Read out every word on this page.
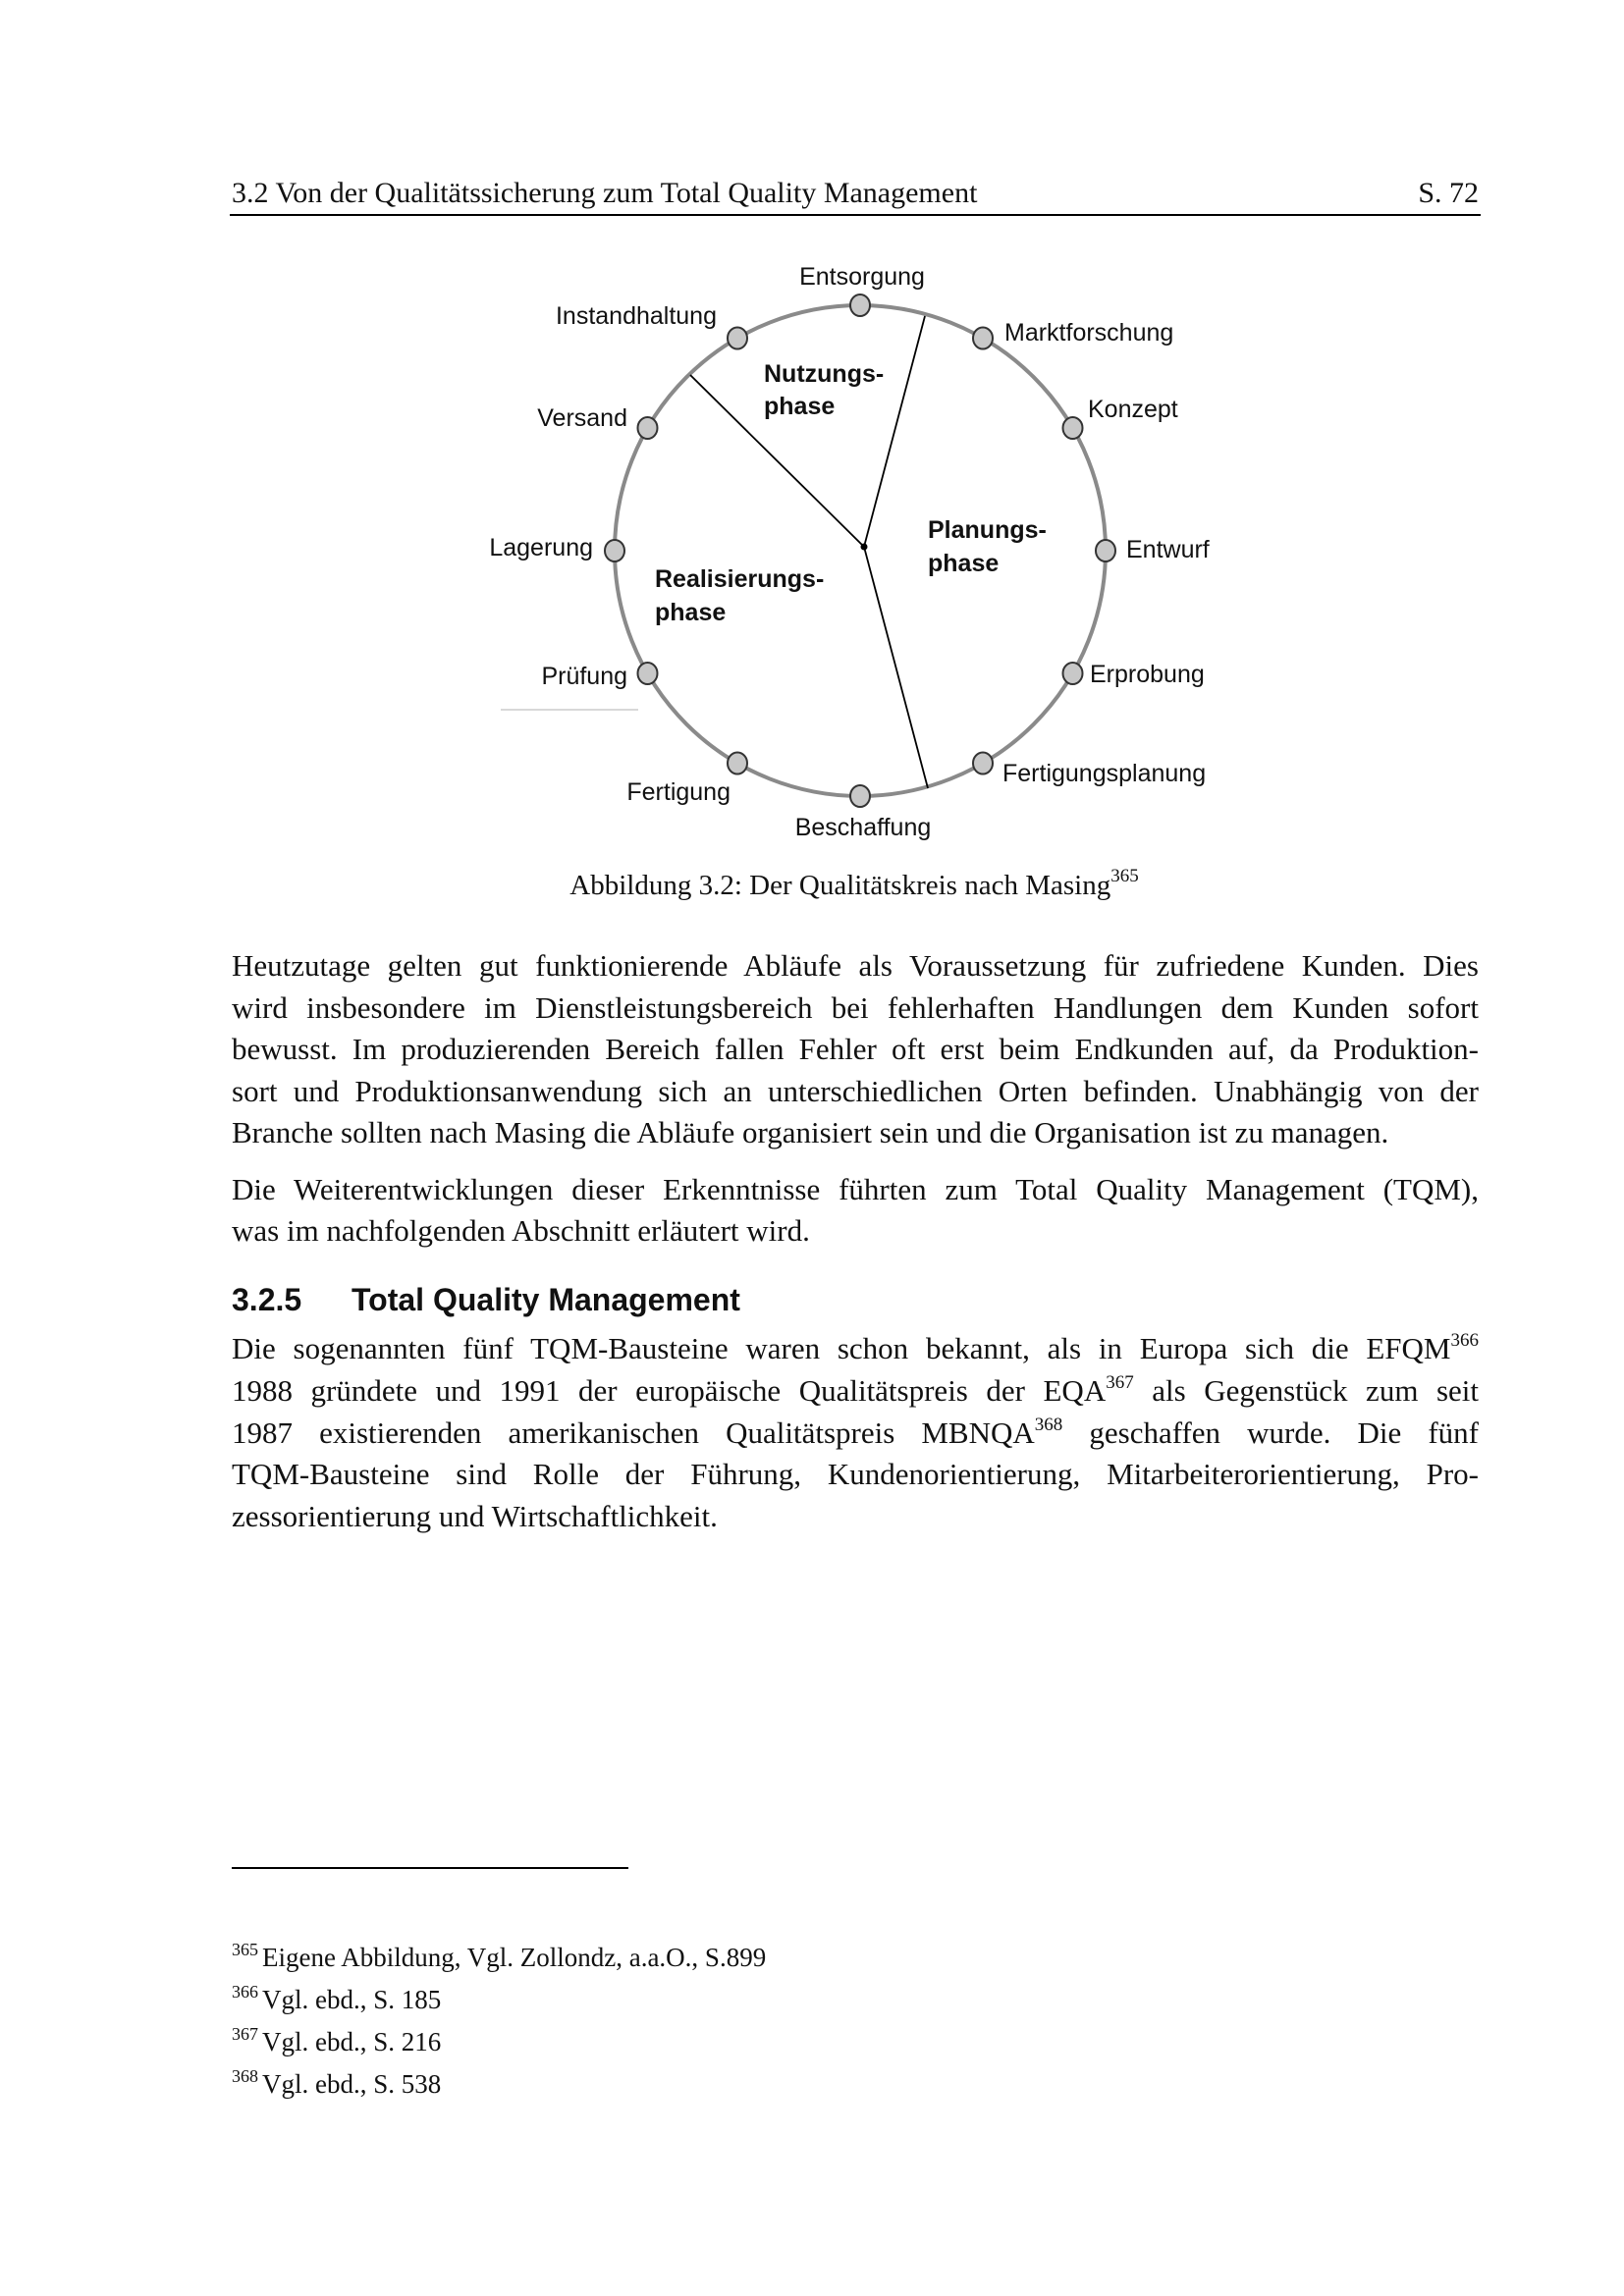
3.2 Von der Qualitätssicherung zum Total Quality Management	S. 72
Entsorgung
Marktforschung
Konzept
Entwurf
Erprobung
Fertigungsplanung
Beschaffung
Fertigung
Prüfung
Lagerung
Versand
Instandhaltung
Nutzungs-
phase
Planungs-
phase
Realisierungs-
phase
Abbildung 3.2: Der Qualitätskreis nach Masing$^{365}$
Heutzutage gelten gut funktionierende Abläufe als Voraussetzung für zufriedene Kunden. Dies
wird insbesondere im Dienstleistungsbereich bei fehlerhaften Handlungen dem Kunden sofort
bewusst. Im produzierenden Bereich fallen Fehler oft erst beim Endkunden auf, da Produktion-
sort und Produktionsanwendung sich an unterschiedlichen Orten befinden. Unabhängig von der
Branche sollten nach Masing die Abläufe organisiert sein und die Organisation ist zu managen.
Die Weiterentwicklungen dieser Erkenntnisse führten zum Total Quality Management (TQM),
was im nachfolgenden Abschnitt erläutert wird.
Die sogenannten fünf TQM-Bausteine waren schon bekannt, als in Europa sich die EFQM$^{366}$
1988 gründete und 1991 der europäische Qualitätspreis der EQA$^{367}$ als Gegenstück zum seit
1987 existierenden amerikanischen Qualitätspreis MBNQA$^{368}$ geschaffen wurde. Die fünf
TQM-Bausteine sind Rolle der Führung, Kundenorientierung, Mitarbeiterorientierung, Pro-
zessorientierung und Wirtschaftlichkeit.
3.2.5 Total Quality Management
$^{365}$ Eigene Abbildung, Vgl. Zollondz, a.a.O., S.899
$^{366}$ Vgl. ebd., S. 185
$^{367}$ Vgl. ebd., S. 216
$^{368}$ Vgl. ebd., S. 538
